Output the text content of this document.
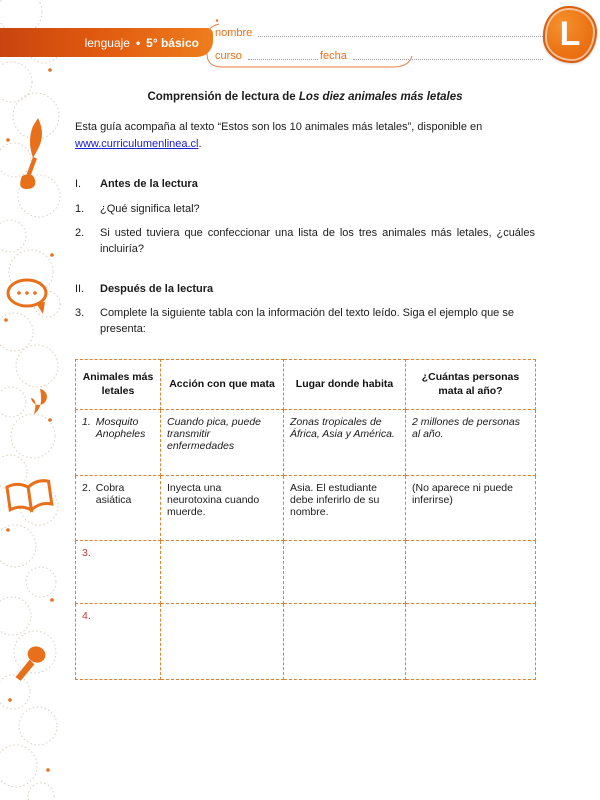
lenguaje • 5° básico
nombre
curso	fecha
L
Comprensión de lectura de Los diez animales más letales
Esta guía acompaña al texto “Estos son los 10 animales más letales”, disponible en
www.curriculumenlinea.cl.
I.	Antes de la lectura
1.	¿Qué significa letal?
2.	Si usted tuviera que confeccionar una lista de los tres animales más letales, ¿cuáles incluiría?
II.	Después de la lectura
3.	Complete la siguiente tabla con la información del texto leído. Siga el ejemplo que se presenta:
Animales más letales	Acción con que mata	Lugar donde habita	¿Cuántas personas mata al año?

1. Mosquito Anopheles	Cuando pica, puede transmitir enfermedades	Zonas tropicales de África, Asia y América.	2 millones de personas al año.

2. Cobra asiática	Inyecta una neurotoxina cuando muerde.	Asia. El estudiante debe inferirlo de su nombre.	(No aparece ni puede inferirse)

3.			

4.			
